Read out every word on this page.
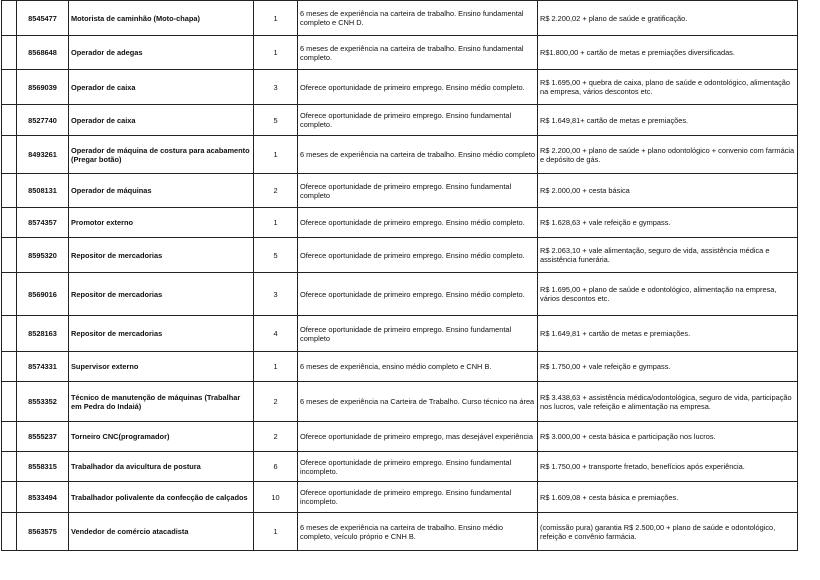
	8545477	Motorista de caminhão (Moto-chapa)	1	6 meses de experiência na carteira de trabalho. Ensino fundamental completo e CNH D.	R$ 2.200,02 + plano de saúde e gratificação.
	8568648	Operador de adegas	1	6 meses de experiência na carteira de trabalho. Ensino fundamental completo.	R$1.800,00 + cartão de metas e premiações diversificadas.
	8569039	Operador de caixa	3	Oferece oportunidade de primeiro emprego. Ensino médio completo.	R$ 1.695,00 + quebra de caixa, plano de saúde e odontológico, alimentação na empresa, vários descontos etc.
	8527740	Operador de caixa	5	Oferece oportunidade de primeiro emprego. Ensino fundamental completo.	R$ 1.649,81+ cartão de metas e premiações.
	8493261	Operador de máquina de costura para acabamento (Pregar botão)	1	6 meses de experiência na carteira de trabalho. Ensino médio completo	R$ 2.200,00 + plano de saúde + plano odontológico + convenio com farmácia e depósito de gás.
	8508131	Operador de máquinas	2	Oferece oportunidade de primeiro emprego. Ensino fundamental completo	R$ 2.000,00 + cesta básica
	8574357	Promotor externo	1	Oferece oportunidade de primeiro emprego. Ensino médio completo.	R$ 1.628,63 + vale refeição e gympass.
	8595320	Repositor de mercadorias	5	Oferece oportunidade de primeiro emprego. Ensino médio completo.	R$ 2.063,10 + vale alimentação, seguro de vida, assistência médica e assistência funerária.
	8569016	Repositor de mercadorias	3	Oferece oportunidade de primeiro emprego. Ensino médio completo.	R$ 1.695,00 + plano de saúde e odontológico, alimentação na empresa, vários descontos etc.
	8528163	Repositor de mercadorias	4	Oferece oportunidade de primeiro emprego. Ensino fundamental completo	R$ 1.649,81 + cartão de metas e premiações.
	8574331	Supervisor externo	1	6 meses de experiência, ensino médio completo e CNH B.	R$ 1.750,00 + vale refeição e gympass.
	8553352	Técnico de manutenção de máquinas (Trabalhar em Pedra do Indaiá)	2	6 meses de experiência na Carteira de Trabalho. Curso técnico na área	R$ 3.438,63 + assistência médica/odontológica, seguro de vida, participação nos lucros, vale refeição e alimentação na empresa.
	8555237	Torneiro CNC(programador)	2	Oferece oportunidade de primeiro emprego, mas desejável experiência	R$ 3.000,00 + cesta básica e participação nos lucros.
	8558315	Trabalhador da avicultura de postura	6	Oferece oportunidade de primeiro emprego. Ensino fundamental incompleto.	R$ 1.750,00 + transporte fretado, benefícios após experiência.
	8533494	Trabalhador polivalente da confecção de calçados	10	Oferece oportunidade de primeiro emprego. Ensino fundamental incompleto.	R$ 1.609,08 + cesta básica e premiações.
	8563575	Vendedor de comércio atacadista	1	6 meses de experiência na carteira de trabalho. Ensino médio completo, veículo próprio e CNH B.	(comissão pura) garantia R$ 2.500,00 + plano de saúde e odontológico, refeição e convênio farmácia.
